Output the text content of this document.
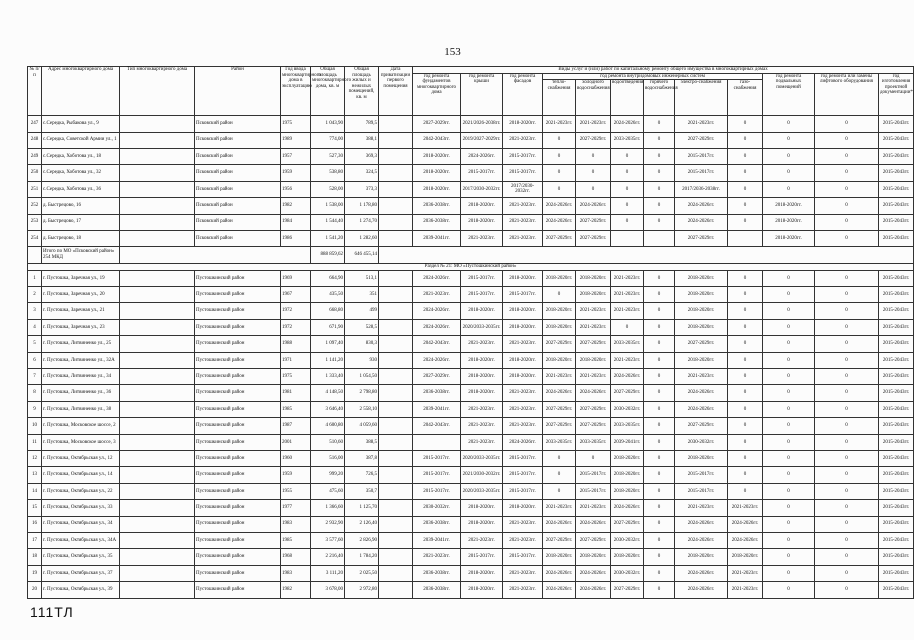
153
№ п/п	Адрес многоквартирного дома	Тип многоквартирного дома	Район	Год ввода многоквартирного дома в эксплуатацию	Общая площадь многоквартирного дома, кв. м	Общая площадь жилых и нежилых помещений, кв. м	Дата приватизации первого помещения	Виды услуг и (или) работ по капитальному ремонту общего имущества в многоквартирных домах											
								год ремонта фундаментов многоквартирного дома	год ремонта крыши	год ремонта фасадов	год ремонта внутридомовых инженерных систем						год ремонта подвальных помещений	год ремонта или замены лифтового оборудования	год изготовления проектной документации*
											тепло-снабжения	холодного водоснабжения	водоотведения	горячего водоснабжения	электро-снабжения	газо-снабжения			
247	с.Середка, Рыбакова ул., 9		Псковский район	1975	1 043,90	789,5		2027-2029гг.	2021/2026-2038гг.	2018-2020гг.	2021-2023гг.	2021-2023гг.	2024-2026гг.	0	2021-2023гг.	0	0	0	2015-2043гг.
248	с.Середка, Советской Армии ул., 1		Псковский район	1989	774,00	388,1		2042-2043гг.	2019/2027-2029гг.	2021-2023гг.	0	2027-2029гг.	2033-2035гг.	0	2027-2029гг.	0	0	0	2015-2043гг.
249	с.Середка, Хоботова ул., 18		Псковский район	1957	527,30	369,3		2018-2020гг.	2024-2026гг.	2015-2017гг.	0	0	0	0	2015-2017гг.	0	0	0	2015-2043гг.
250	с.Середка, Хоботова ул., 32		Псковский район	1959	538,80	324,5		2018-2020гг.	2015-2017гг.	2015-2017гг.	0	0	0	0	2015-2017гг.	0	0	0	2015-2043гг.
251	с.Середка, Хоботова ул., 36		Псковский район	1956	528,00	373,3		2018-2020гг.	2017/2030-2032гг.	2017/2030-2032гг.	0	0	0	0	2017/2036-2038гг.	0	0	0	2015-2043гг.
252	д. Быстрецово, 16		Псковский район	1982	1 538,00	1 178,80		2036-2038гг.	2018-2020гг.	2021-2023гг.	2024-2026гг.	2024-2026гг.	0	0	2024-2026гг.	0	2018-2020гг.	0	2015-2043гг.
253	д. Быстрецово, 17		Псковский район	1984	1 544,40	1 274,70		2036-2038гг.	2018-2020гг.	2021-2023гг.	2024-2026гг.	2027-2029гг.	0	0	2024-2026гг.	0	2018-2020гг.	0	2015-2043гг.
254	д. Быстрецово, 18		Псковский район	1986	1 541,20	1 282,60		2039-2041гг.	2021-2023гг.	2021-2023гг.	2027-2029гг.	2027-2029гг.			2027-2029гг.		2018-2020гг.	0	2015-2043гг.
	Итого по МО «Псковский район» 254 МКД				888 859,62	646 455,14													
Раздел № 21: МО «Пустошкинский район»																			
1	г. Пустошка, Заречная ул., 19		Пустошкинский район	1969	664,90	513,1		2024-2026гг.	2015-2017гг.	2018-2020гг.	2018-2020гг.	2018-2020гг.	2021-2023гг.	0	2018-2020гг.	0	0	0	2015-2043гг.
2	г. Пустошка, Заречная ул., 20		Пустошкинский район	1967	435,50	351		2021-2023гг.	2015-2017гг.	2015-2017гг.	0	2018-2020гг.	2021-2023гг.	0	2018-2020гг.	0	0	0	2015-2043гг.
3	г. Пустошка, Заречная ул., 21		Пустошкинский район	1972	668,80	499		2024-2026гг.	2018-2020гг.	2018-2020гг.	2018-2020гг.	2021-2023гг.	2021-2023гг.	0	2018-2020гг.	0	0	0	2015-2043гг.
4	г. Пустошка, Заречная ул., 23		Пустошкинский район	1972	671,90	528,5		2024-2026гг.	2020/2033-2035гг.	2018-2020гг.	2018-2020гг.	2021-2023гг.	0	0	2018-2020гг.	0	0	0	2015-2043гг.
5	г. Пустошка, Литвиненко ул., 25		Пустошкинский район	1988	1 097,40	830,3		2042-2043гг.	2021-2023гг.	2021-2023гг.	2027-2029гг.	2027-2029гг.	2033-2035гг.	0	2027-2029гг.	0	0	0	2015-2043гг.
6	г. Пустошка, Литвиненко ул., 32А		Пустошкинский район	1971	1 141,20	930		2024-2026гг.	2018-2020гг.	2018-2020гг.	2018-2020гг.	2018-2020гг.	2021-2023гг.	0	2018-2020гг.	0	0	0	2015-2043гг.
7	г. Пустошка, Литвиненко ул., 34		Пустошкинский район	1975	1 333,40	1 054,50		2027-2029гг.	2018-2020гг.	2018-2020гг.	2021-2023гг.	2021-2023гг.	2024-2026гг.	0	2021-2023гг.	0	0	0	2015-2043гг.
8	г. Пустошка, Литвиненко ул., 36		Пустошкинский район	1981	4 148,50	2 798,80		2036-2038гг.	2018-2020гг.	2021-2023гг.	2024-2026гг.	2024-2026гг.	2027-2029гг.	0	2024-2026гг.	0	0	0	2015-2043гг.
9	г. Пустошка, Литвиненко ул., 38		Пустошкинский район	1985	3 646,40	2 558,10		2039-2041гг.	2021-2023гг.	2021-2023гг.	2027-2029гг.	2027-2029гг.	2030-2032гг.	0	2024-2026гг.	0	0	0	2015-2043гг.
10	г. Пустошка, Московское шоссе, 2		Пустошкинский район	1987	4 600,80	4 059,60		2042-2043гг.	2021-2023гг.	2021-2023гг.	2027-2029гг.	2027-2029гг.	2033-2035гг.	0	2027-2029гг.	0	0	0	2015-2043гг.
11	г. Пустошка, Московское шоссе, 3		Пустошкинский район	2001	510,60	388,5			2021-2023гг.	2024-2026гг.	2033-2035гг.	2033-2035гг.	2039-2041гг.	0	2030-2032гг.	0	0	0	2015-2043гг.
12	г. Пустошка, Октябрьская ул., 12		Пустошкинский район	1960	516,00	387,8		2015-2017гг.	2020/2033-2035гг.	2015-2017гг.	0	0	2018-2020гг.	0	2018-2020гг.	0	0	0	2015-2043гг.
13	г. Пустошка, Октябрьская ул., 14		Пустошкинский район	1959	999,20	726,5		2015-2017гг.	2021/2030-2032гг.	2015-2017гг.	0	2015-2017гг.	2018-2020гг.	0	2015-2017гг.	0	0	0	2015-2043гг.
14	г. Пустошка, Октябрьская ул., 22		Пустошкинский район	1955	475,60	350,7		2015-2017гг.	2020/2033-2035гг.	2015-2017гг.	0	2015-2017гг.	2018-2020гг.	0	2015-2017гг.	0	0	0	2015-2043гг.
15	г. Пустошка, Октябрьская ул., 33		Пустошкинский район	1977	1 366,60	1 125,70		2030-2032гг.	2018-2020гг.	2018-2020гг.	2021-2023гг.	2021-2023гг.	2024-2026гг.	0	2021-2023гг.	2021-2023гг.	0	0	2015-2043гг.
16	г. Пустошка, Октябрьская ул., 34		Пустошкинский район	1983	2 932,90	2 126,40		2036-2038гг.	2018-2020гг.	2021-2023гг.	2024-2026гг.	2024-2026гг.	2027-2029гг.	0	2024-2026гг.	2024-2026гг.	0	0	2015-2043гг.
17	г. Пустошка, Октябрьская ул., 34А		Пустошкинский район	1985	3 577,60	2 826,90		2039-2041гг.	2021-2023гг.	2021-2023гг.	2027-2029гг.	2027-2029гг.	2030-2032гг.	0	2024-2026гг.	2024-2026гг.	0	0	2015-2043гг.
18	г. Пустошка, Октябрьская ул., 35		Пустошкинский район	1968	2 216,40	1 784,20		2021-2023гг.	2015-2017гг.	2015-2017гг.	2018-2020гг.	2018-2020гг.	2018-2020гг.	0	2018-2020гг.	2018-2020гг.	0	0	2015-2043гг.
19	г. Пустошка, Октябрьская ул., 37		Пустошкинский район	1983	3 111,20	2 025,50		2036-2038гг.	2018-2020гг.	2021-2023гг.	2024-2026гг.	2024-2026гг.	2030-2032гг.	0	2024-2026гг.	2021-2023гг.	0	0	2015-2043гг.
20	г. Пустошка, Октябрьская ул., 39		Пустошкинский район	1982	3 678,00	2 972,80		2036-2038гг.	2018-2020гг.	2021-2023гг.	2024-2026гг.	2024-2026гг.	2027-2029гг.	0	2024-2026гг.	2021-2023гг.	0	0	2015-2043гг.
111ТЛ
